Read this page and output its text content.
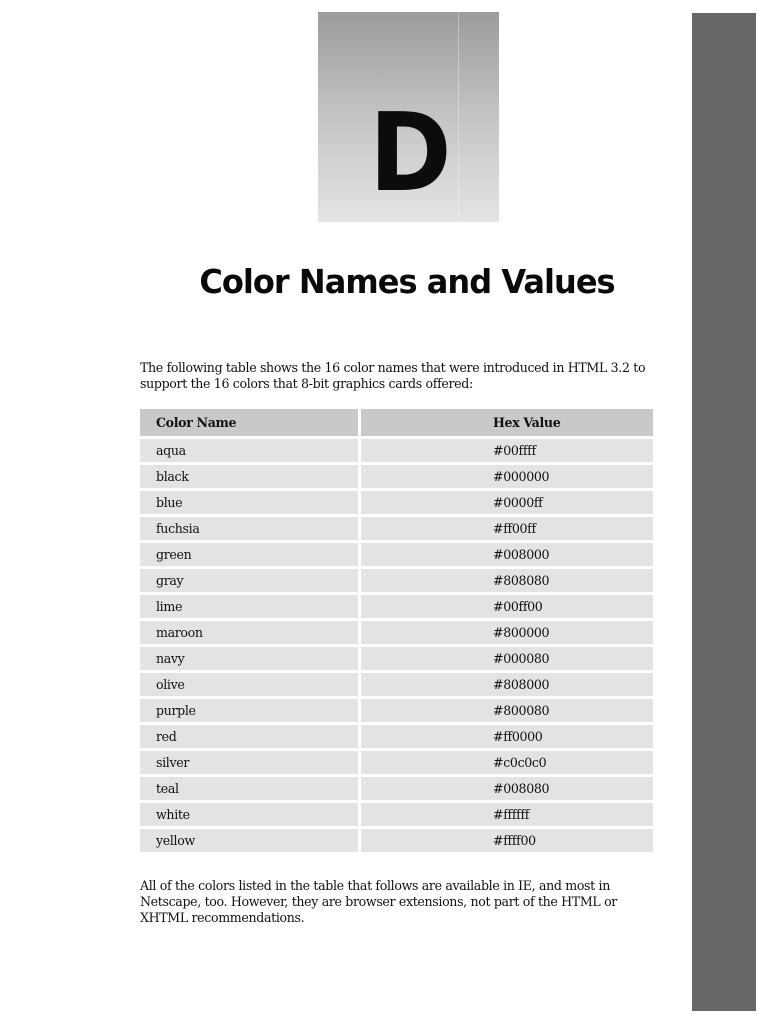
D
Color Names and Values

The following table shows the 16 color names that were introduced in HTML 3.2 to support the 16 colors that 8-bit graphics cards offered:

Color Name	Hex Value
aqua	#00ffff
black	#000000
blue	#0000ff
fuchsia	#ff00ff
green	#008000
gray	#808080
lime	#00ff00
maroon	#800000
navy	#000080
olive	#808000
purple	#800080
red	#ff0000
silver	#c0c0c0
teal	#008080
white	#ffffff
yellow	#ffff00

All of the colors listed in the table that follows are available in IE, and most in Netscape, too. However, they are browser extensions, not part of the HTML or XHTML recommendations.
